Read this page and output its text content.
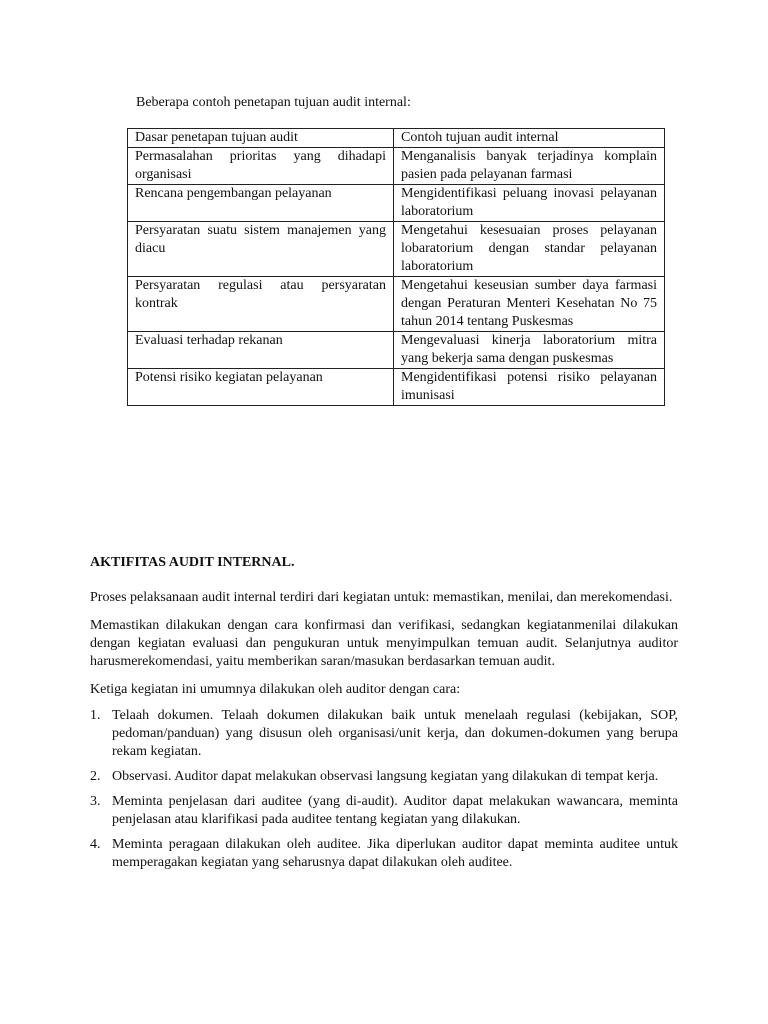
Beberapa contoh penetapan tujuan audit internal:

Dasar penetapan tujuan audit	Contoh tujuan audit internal
Permasalahan prioritas yang dihadapi organisasi	Menganalisis banyak terjadinya komplain pasien pada pelayanan farmasi
Rencana pengembangan pelayanan	Mengidentifikasi peluang inovasi pelayanan laboratorium
Persyaratan suatu sistem manajemen yang diacu	Mengetahui kesesuaian proses pelayanan lobaratorium dengan standar pelayanan laboratorium
Persyaratan regulasi atau persyaratan kontrak	Mengetahui keseusian sumber daya farmasi dengan Peraturan Menteri Kesehatan No 75 tahun 2014 tentang Puskesmas
Evaluasi terhadap rekanan	Mengevaluasi kinerja laboratorium mitra yang bekerja sama dengan puskesmas
Potensi risiko kegiatan pelayanan	Mengidentifikasi potensi risiko pelayanan imunisasi
AKTIFITAS AUDIT INTERNAL.

Proses pelaksanaan audit internal terdiri dari kegiatan untuk: memastikan, menilai, dan merekomendasi.

Memastikan dilakukan dengan cara konfirmasi dan verifikasi, sedangkan kegiatanmenilai dilakukan dengan kegiatan evaluasi dan pengukuran untuk menyimpulkan temuan audit. Selanjutnya auditor harusmerekomendasi, yaitu memberikan saran/masukan berdasarkan temuan audit.

Ketiga kegiatan ini umumnya dilakukan oleh auditor dengan cara:

1. Telaah dokumen. Telaah dokumen dilakukan baik untuk menelaah regulasi (kebijakan, SOP, pedoman/panduan) yang disusun oleh organisasi/unit kerja, dan dokumen-dokumen yang berupa rekam kegiatan.
2. Observasi. Auditor dapat melakukan observasi langsung kegiatan yang dilakukan di tempat kerja.
3. Meminta penjelasan dari auditee (yang di-audit). Auditor dapat melakukan wawancara, meminta penjelasan atau klarifikasi pada auditee tentang kegiatan yang dilakukan.
4. Meminta peragaan dilakukan oleh auditee. Jika diperlukan auditor dapat meminta auditee untuk memperagakan kegiatan yang seharusnya dapat dilakukan oleh auditee.
